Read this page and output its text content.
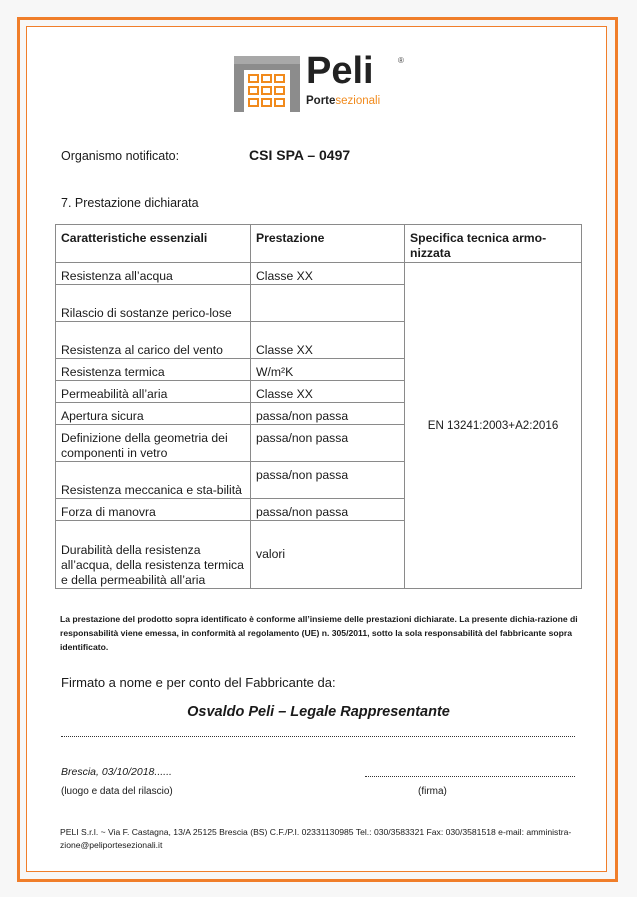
Peli	®
Portesezionali
Organismo notificato:	CSI SPA – 0497
7. Prestazione dichiarata
Caratteristiche essenziali	Prestazione	Specifica tecnica armo-
nizzata
Resistenza all’acqua	Classe XX	EN 13241:2003+A2:2016
Rilascio di sostanze perico-lose		
Resistenza al carico del vento	Classe XX	
Resistenza termica	W/m²K	
Permeabilità all’aria	Classe XX	
Apertura sicura	passa/non passa	
Definizione della geometria dei componenti in vetro	passa/non passa	
Resistenza meccanica e sta-bilità	passa/non passa	
Forza di manovra	passa/non passa	
Durabilità della resistenza all’acqua, della resistenza termica e della permeabilità all’aria	valori	
La prestazione del prodotto sopra identificato è conforme all’insieme delle prestazioni dichiarate. La presente dichia-razione di responsabilità viene emessa, in conformità al regolamento (UE) n. 305/2011, sotto la sola responsabilità del fabbricante sopra identificato.
Firmato a nome e per conto del Fabbricante da:
Osvaldo Peli – Legale Rappresentante
Brescia, 03/10/2018......
(luogo e data del rilascio)	(firma)
PELI S.r.l. ~ Via F. Castagna, 13/A 25125 Brescia (BS) C.F./P.I. 02331130985 Tel.: 030/3583321 Fax: 030/3581518 e-mail: amministra-
zione@peliportesezionali.it
